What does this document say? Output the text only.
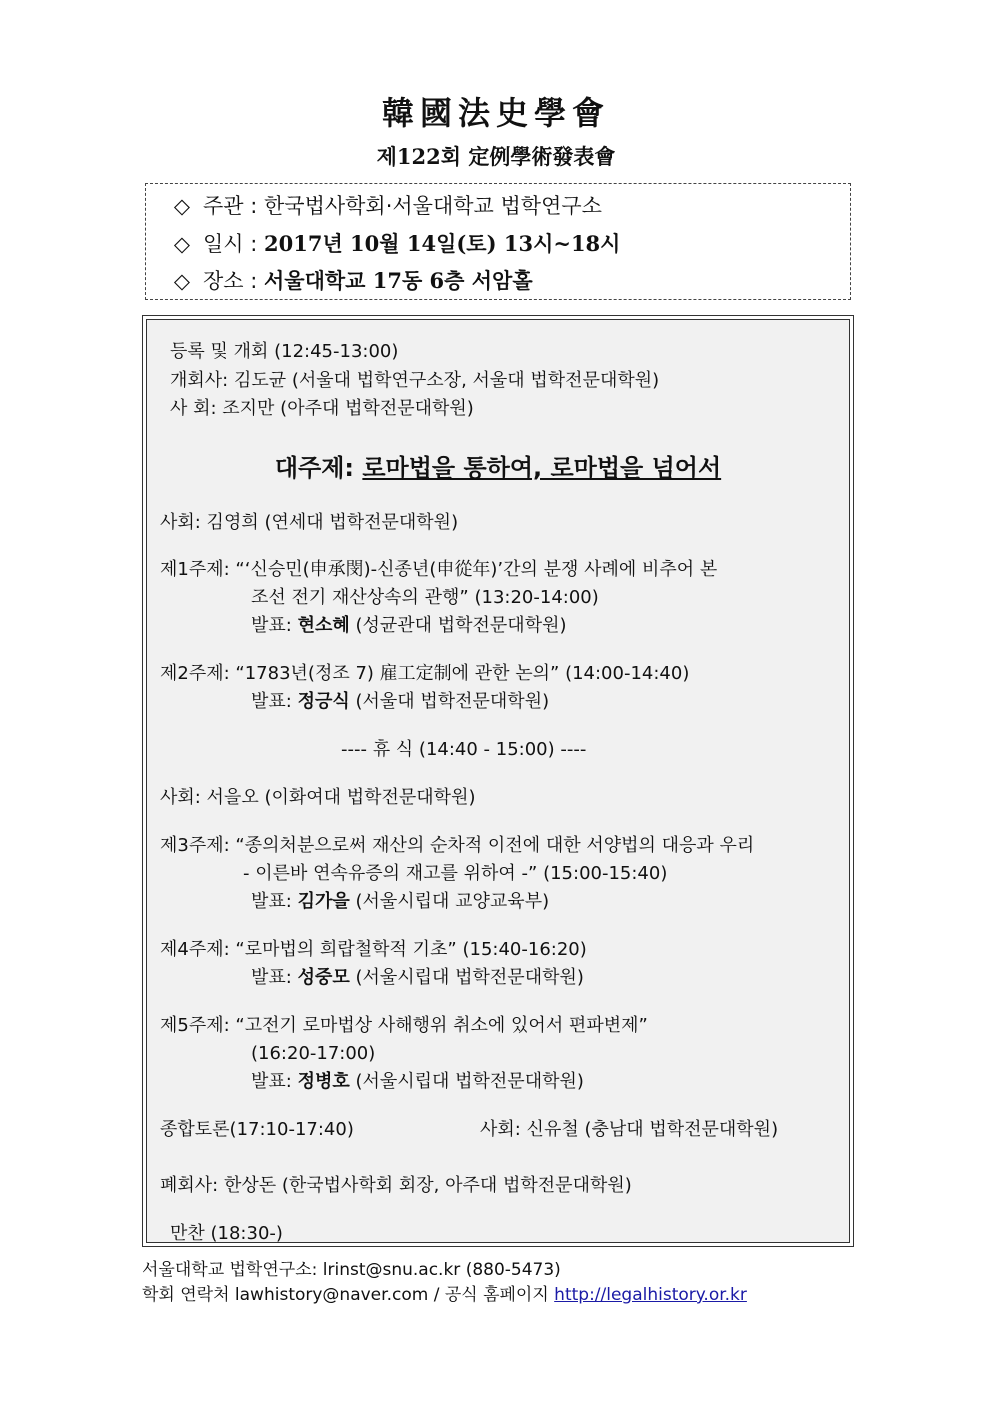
韓國法史學會
제122회 定例學術發表會
◇ 주관 : 한국법사학회·서울대학교 법학연구소
◇ 일시 : 2017년 10월 14일(토) 13시~18시
◇ 장소 : 서울대학교 17동 6층 서암홀
등록 및 개회 (12:45-13:00)
개회사: 김도균 (서울대 법학연구소장, 서울대 법학전문대학원)
사 회: 조지만 (아주대 법학전문대학원)
대주제: 로마법을 통하여, 로마법을 넘어서
사회: 김영희 (연세대 법학전문대학원)
제1주제: “‘신승민(申承閔)-신종년(申從年)’간의 분쟁 사례에 비추어 본
조선 전기 재산상속의 관행” (13:20-14:00)
발표: 현소혜 (성균관대 법학전문대학원)
제2주제: “1783년(정조 7) 雇工定制에 관한 논의” (14:00-14:40)
발표: 정긍식 (서울대 법학전문대학원)
---- 휴 식 (14:40 - 15:00) ----
사회: 서을오 (이화여대 법학전문대학원)
제3주제: “종의처분으로써 재산의 순차적 이전에 대한 서양법의 대응과 우리
- 이른바 연속유증의 재고를 위하여 -” (15:00-15:40)
발표: 김가을 (서울시립대 교양교육부)
제4주제: “로마법의 희랍철학적 기초” (15:40-16:20)
발표: 성중모 (서울시립대 법학전문대학원)
제5주제: “고전기 로마법상 사해행위 취소에 있어서 편파변제”
(16:20-17:00)
발표: 정병호 (서울시립대 법학전문대학원)
종합토론(17:10-17:40)	사회: 신유철 (충남대 법학전문대학원)
폐회사: 한상돈 (한국법사학회 회장, 아주대 법학전문대학원)
만찬 (18:30-)
서울대학교 법학연구소: lrinst@snu.ac.kr (880-5473)
학회 연락처 lawhistory@naver.com / 공식 홈페이지 http://legalhistory.or.kr
